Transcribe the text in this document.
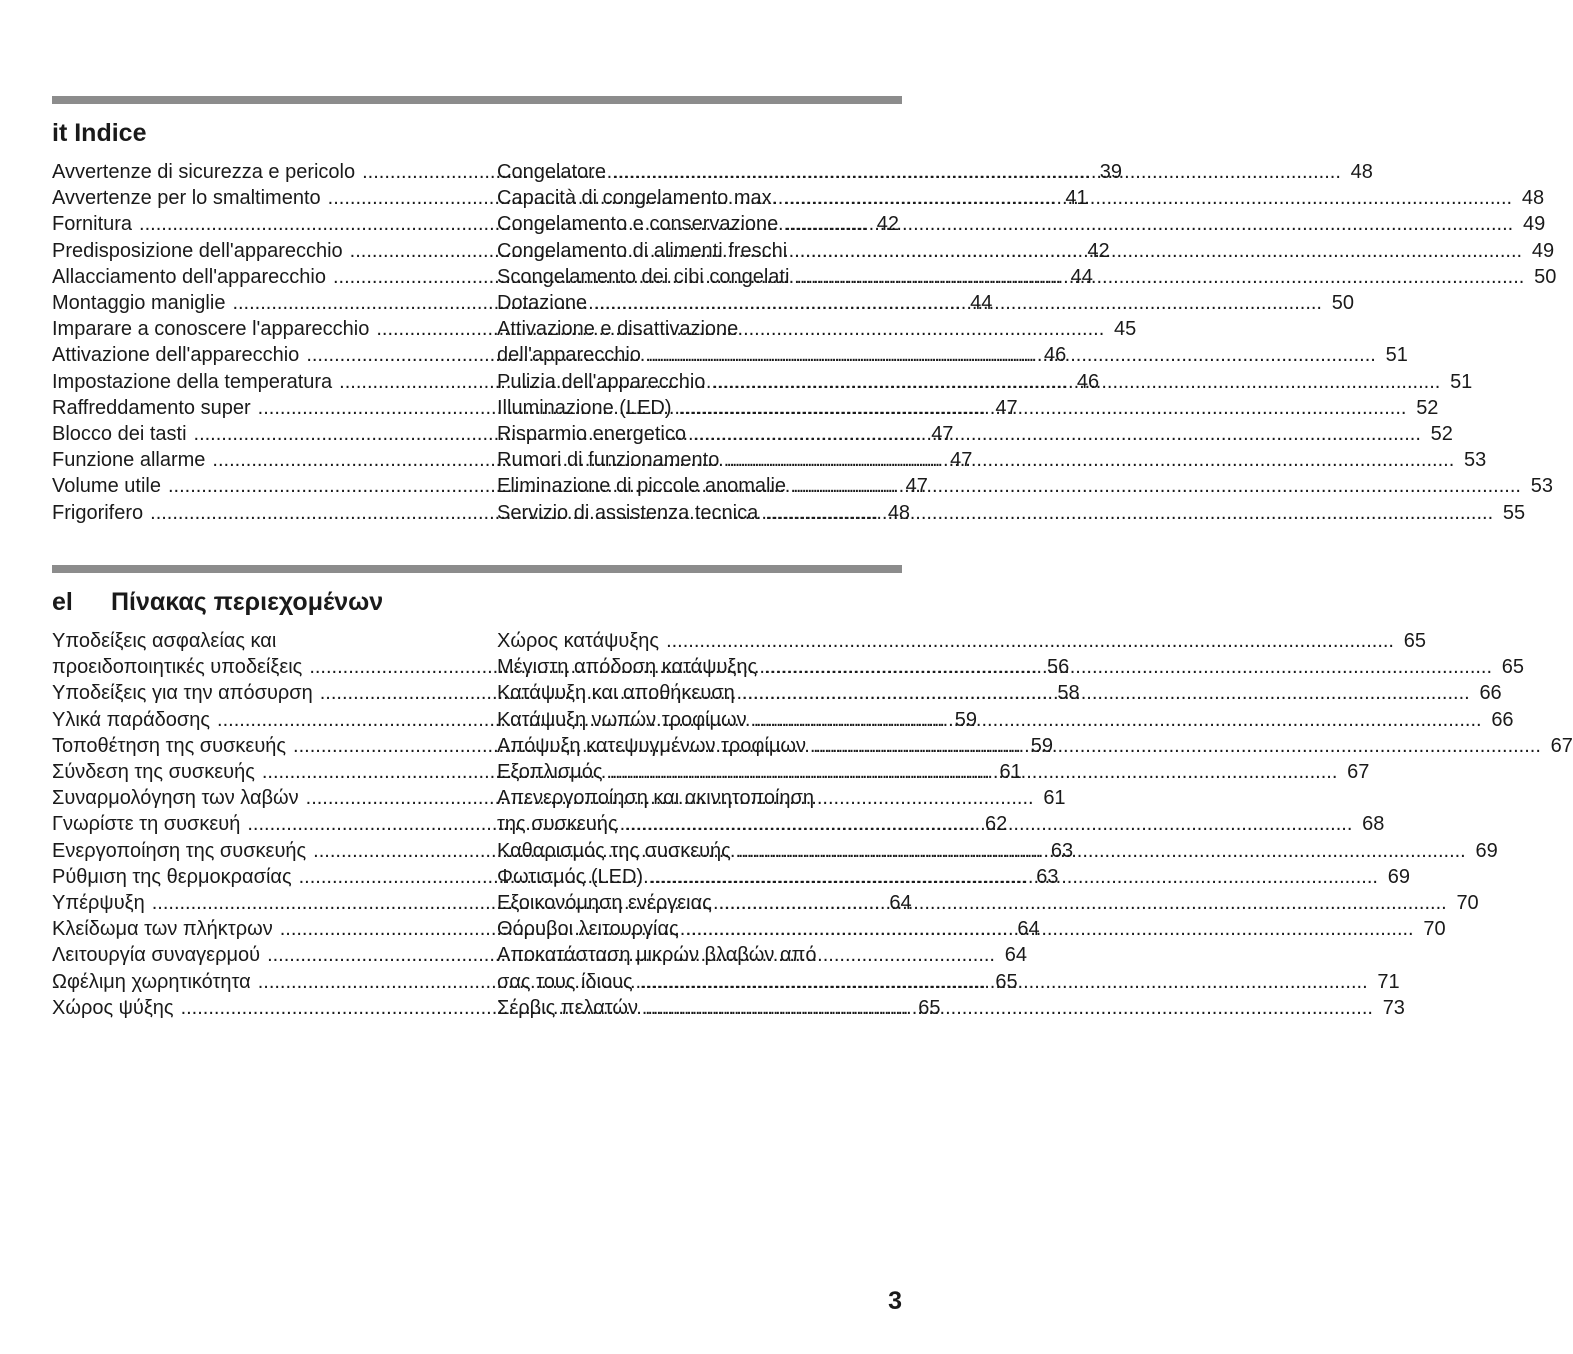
it Indice
Avvertenze di sicurezza e pericolo .....	39
Avvertenze per lo smaltimento .....	41
Fornitura .....	42
Predisposizione dell'apparecchio .....	42
Allacciamento dell'apparecchio .....	44
Montaggio maniglie .....	44
Imparare a conoscere l'apparecchio .....	45
Attivazione dell'apparecchio .....	46
Impostazione della temperatura .....	46
Raffreddamento super .....	47
Blocco dei tasti .....	47
Funzione allarme .....	47
Volume utile .....	47
Frigorifero .....	48
Congelatore .....	48
Capacità di congelamento max. .....	48
Congelamento e conservazione .....	49
Congelamento di alimenti freschi .....	49
Scongelamento dei cibi congelati .....	50
Dotazione .....	50
Attivazione e disattivazione
dell'apparecchio .....	51
Pulizia dell'apparecchio .....	51
Illuminazione (LED) .....	52
Risparmio energetico .....	52
Rumori di funzionamento .....	53
Eliminazione di piccole anomalie .....	53
Servizio di assistenza tecnica .....	55
el Πίνακας περιεχομένων
Υποδείξεις ασφαλείας και
προειδοποιητικές υποδείξεις .....	56
Υποδείξεις για την απόσυρση .....	58
Υλικά παράδοσης .....	59
Τοποθέτηση της συσκευής .....	59
Σύνδεση της συσκευής .....	61
Συναρμολόγηση των λαβών .....	61
Γνωρίστε τη συσκευή .....	62
Ενεργοποίηση της συσκευής .....	63
Ρύθμιση της θερμοκρασίας .....	63
Υπέρψυξη .....	64
Κλείδωμα των πλήκτρων .....	64
Λειτουργία συναγερμού .....	64
Ωφέλιμη χωρητικότητα .....	65
Χώρος ψύξης .....	65
Χώρος κατάψυξης .....	65
Μέγιστη απόδοση κατάψυξης .....	65
Κατάψυξη και αποθήκευση .....	66
Κατάψυξη νωπών τροφίμων .....	66
Απόψυξη κατεψυγμένων τροφίμων .....	67
Εξοπλισμός .....	67
Απενεργοποίηση και ακινητοποίηση
της συσκευής .....	68
Καθαρισμός της συσκευής .....	69
Φωτισμός (LED) .....	69
Εξοικονόμηση ενέργειας .....	70
Θόρυβοι λειτουργίας .....	70
Αποκατάσταση μικρών βλαβών από
σας τους ίδιους .....	71
Σέρβις πελατών .....	73
3
